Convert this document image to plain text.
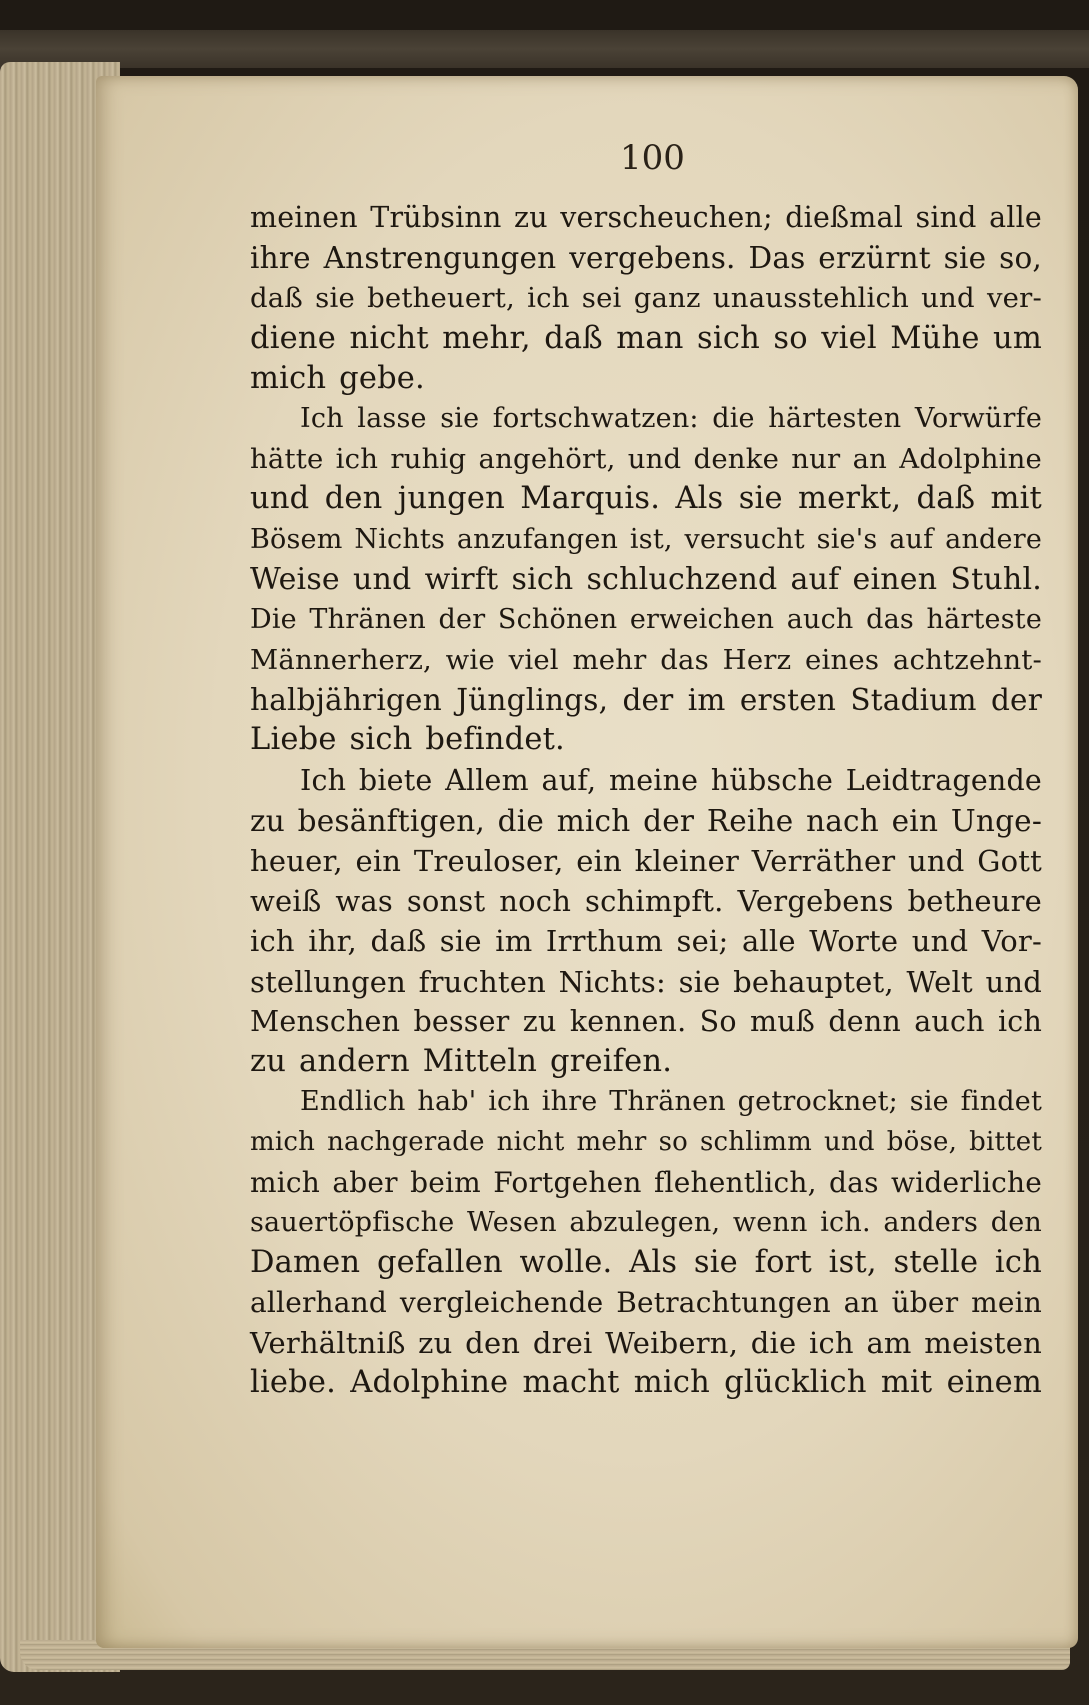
100
meinen Trübsinn zu verscheuchen; dießmal sind alle
ihre Anstrengungen vergebens. Das erzürnt sie so,
daß sie betheuert, ich sei ganz unausstehlich und ver-
diene nicht mehr, daß man sich so viel Mühe um
mich gebe.
Ich lasse sie fortschwatzen: die härtesten Vorwürfe
hätte ich ruhig angehört, und denke nur an Adolphine
und den jungen Marquis. Als sie merkt, daß mit
Bösem Nichts anzufangen ist, versucht sie's auf andere
Weise und wirft sich schluchzend auf einen Stuhl.
Die Thränen der Schönen erweichen auch das härteste
Männerherz, wie viel mehr das Herz eines achtzehnt-
halbjährigen Jünglings, der im ersten Stadium der
Liebe sich befindet.
Ich biete Allem auf, meine hübsche Leidtragende
zu besänftigen, die mich der Reihe nach ein Unge-
heuer, ein Treuloser, ein kleiner Verräther und Gott
weiß was sonst noch schimpft. Vergebens betheure
ich ihr, daß sie im Irrthum sei; alle Worte und Vor-
stellungen fruchten Nichts: sie behauptet, Welt und
Menschen besser zu kennen. So muß denn auch ich
zu andern Mitteln greifen.
Endlich hab' ich ihre Thränen getrocknet; sie findet
mich nachgerade nicht mehr so schlimm und böse, bittet
mich aber beim Fortgehen flehentlich, das widerliche
sauertöpfische Wesen abzulegen, wenn ich. anders den
Damen gefallen wolle. Als sie fort ist, stelle ich
allerhand vergleichende Betrachtungen an über mein
Verhältniß zu den drei Weibern, die ich am meisten
liebe. Adolphine macht mich glücklich mit einem
